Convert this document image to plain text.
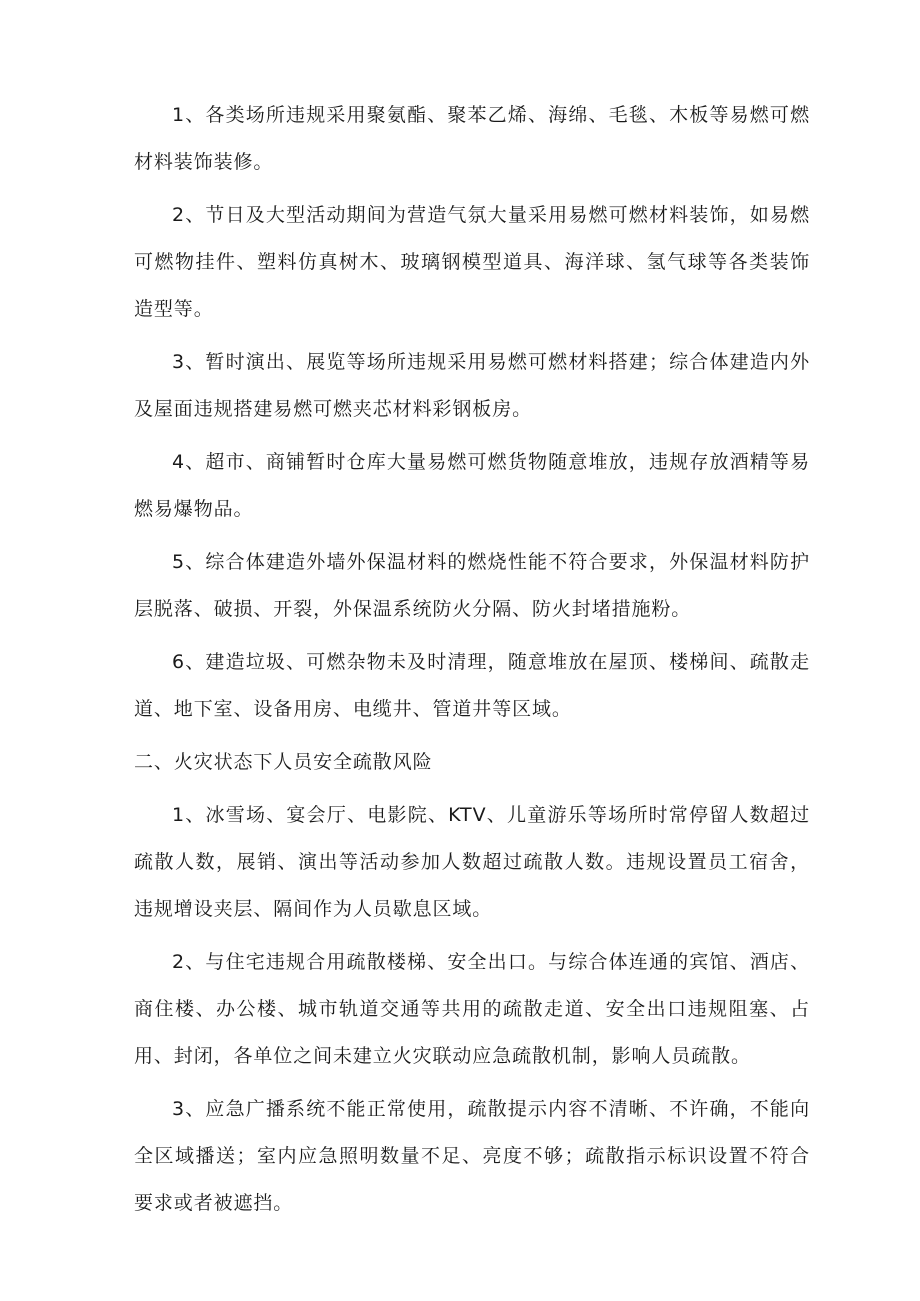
1、各类场所违规采用聚氨酯、聚苯乙烯、海绵、毛毯、木板等易燃可燃材料装饰装修。

2、节日及大型活动期间为营造气氛大量采用易燃可燃材料装饰，如易燃可燃物挂件、塑料仿真树木、玻璃钢模型道具、海洋球、氢气球等各类装饰造型等。

3、暂时演出、展览等场所违规采用易燃可燃材料搭建；综合体建造内外及屋面违规搭建易燃可燃夹芯材料彩钢板房。

4、超市、商铺暂时仓库大量易燃可燃货物随意堆放，违规存放酒精等易燃易爆物品。

5、综合体建造外墙外保温材料的燃烧性能不符合要求，外保温材料防护层脱落、破损、开裂，外保温系统防火分隔、防火封堵措施粉。

6、建造垃圾、可燃杂物未及时清理，随意堆放在屋顶、楼梯间、疏散走道、地下室、设备用房、电缆井、管道井等区域。

二、火灾状态下人员安全疏散风险

1、冰雪场、宴会厅、电影院、KTV、儿童游乐等场所时常停留人数超过疏散人数，展销、演出等活动参加人数超过疏散人数。违规设置员工宿舍，违规增设夹层、隔间作为人员歇息区域。

2、与住宅违规合用疏散楼梯、安全出口。与综合体连通的宾馆、酒店、商住楼、办公楼、城市轨道交通等共用的疏散走道、安全出口违规阻塞、占用、封闭，各单位之间未建立火灾联动应急疏散机制，影响人员疏散。

3、应急广播系统不能正常使用，疏散提示内容不清晰、不许确，不能向全区域播送；室内应急照明数量不足、亮度不够；疏散指示标识设置不符合要求或者被遮挡。
